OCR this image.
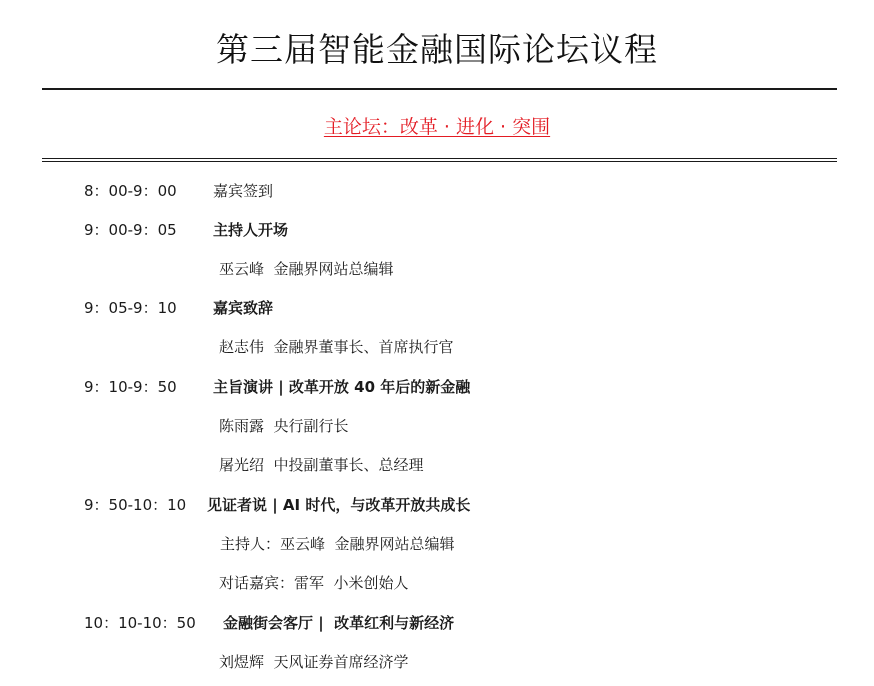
第三届智能金融国际论坛议程
主论坛：改革 · 进化 · 突围
8：00-9：00 嘉宾签到
9：00-9：05 主持人开场
巫云峰  金融界网站总编辑
9：05-9：10 嘉宾致辞
赵志伟  金融界董事长、首席执行官
9：10-9：50 主旨演讲 | 改革开放 40 年后的新金融
陈雨露  央行副行长
屠光绍  中投副董事长、总经理
9：50-10：10 见证者说 | AI 时代，与改革开放共成长
主持人：巫云峰  金融界网站总编辑
对话嘉宾：雷军  小米创始人
10：10-10：50 金融街会客厅 |  改革红利与新经济
刘煜辉  天风证券首席经济学
